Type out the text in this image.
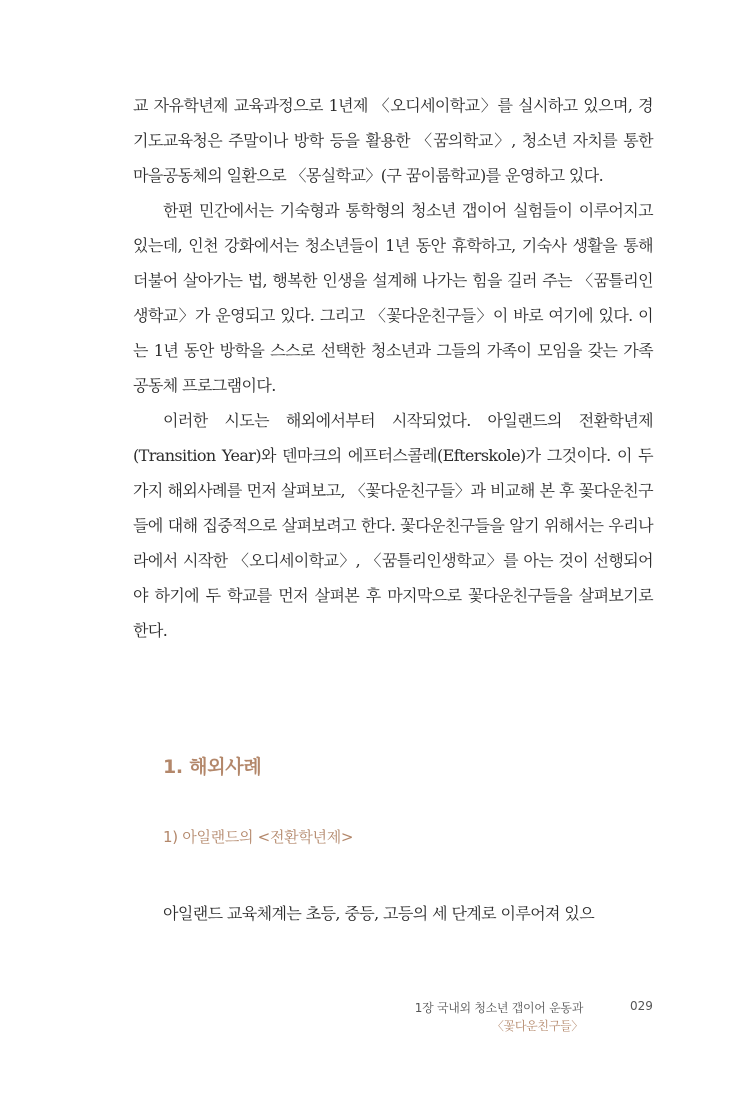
교 자유학년제 교육과정으로 1년제 〈오디세이학교〉를 실시하고 있으며, 경기도교육청은 주말이나 방학 등을 활용한 〈꿈의학교〉, 청소년 자치를 통한 마을공동체의 일환으로 〈몽실학교〉(구 꿈이룸학교)를 운영하고 있다.

한편 민간에서는 기숙형과 통학형의 청소년 갭이어 실험들이 이루어지고 있는데, 인천 강화에서는 청소년들이 1년 동안 휴학하고, 기숙사 생활을 통해 더불어 살아가는 법, 행복한 인생을 설계해 나가는 힘을 길러 주는 〈꿈틀리인생학교〉가 운영되고 있다. 그리고 〈꽃다운친구들〉이 바로 여기에 있다. 이는 1년 동안 방학을 스스로 선택한 청소년과 그들의 가족이 모임을 갖는 가족 공동체 프로그램이다.

이러한 시도는 해외에서부터 시작되었다. 아일랜드의 전환학년제(Transition Year)와 덴마크의 에프터스콜레(Efterskole)가 그것이다. 이 두 가지 해외사례를 먼저 살펴보고, 〈꽃다운친구들〉과 비교해 본 후 꽃다운친구들에 대해 집중적으로 살펴보려고 한다. 꽃다운친구들을 알기 위해서는 우리나라에서 시작한 〈오디세이학교〉, 〈꿈틀리인생학교〉를 아는 것이 선행되어야 하기에 두 학교를 먼저 살펴본 후 마지막으로 꽃다운친구들을 살펴보기로 한다.

1. 해외사례
1) 아일랜드의 <전환학년제>
아일랜드 교육체계는 초등, 중등, 고등의 세 단계로 이루어져 있으
1장 국내외 청소년 갭이어 운동과
〈꽃다운친구들〉
029
